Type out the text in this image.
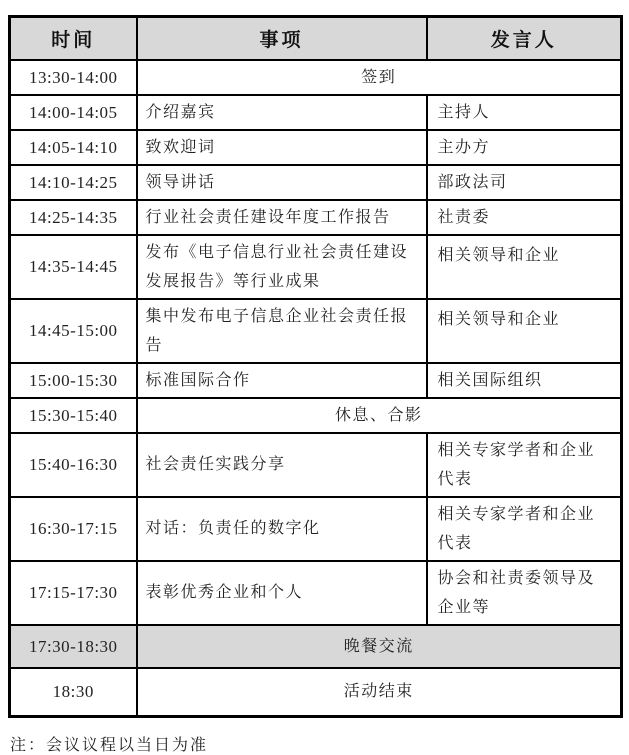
时间	事项	发言人
13:30-14:00	签到	
14:00-14:05	介绍嘉宾	主持人
14:05-14:10	致欢迎词	主办方
14:10-14:25	领导讲话	部政法司
14:25-14:35	行业社会责任建设年度工作报告	社责委
14:35-14:45	发布《电子信息行业社会责任建设发展报告》等行业成果	相关领导和企业
14:45-15:00	集中发布电子信息企业社会责任报告	相关领导和企业
15:00-15:30	标准国际合作	相关国际组织
15:30-15:40	休息、合影	
15:40-16:30	社会责任实践分享	相关专家学者和企业代表
16:30-17:15	对话：负责任的数字化	相关专家学者和企业代表
17:15-17:30	表彰优秀企业和个人	协会和社责委领导及企业等
17:30-18:30	晚餐交流	
18:30	活动结束	
注：会议议程以当日为准
